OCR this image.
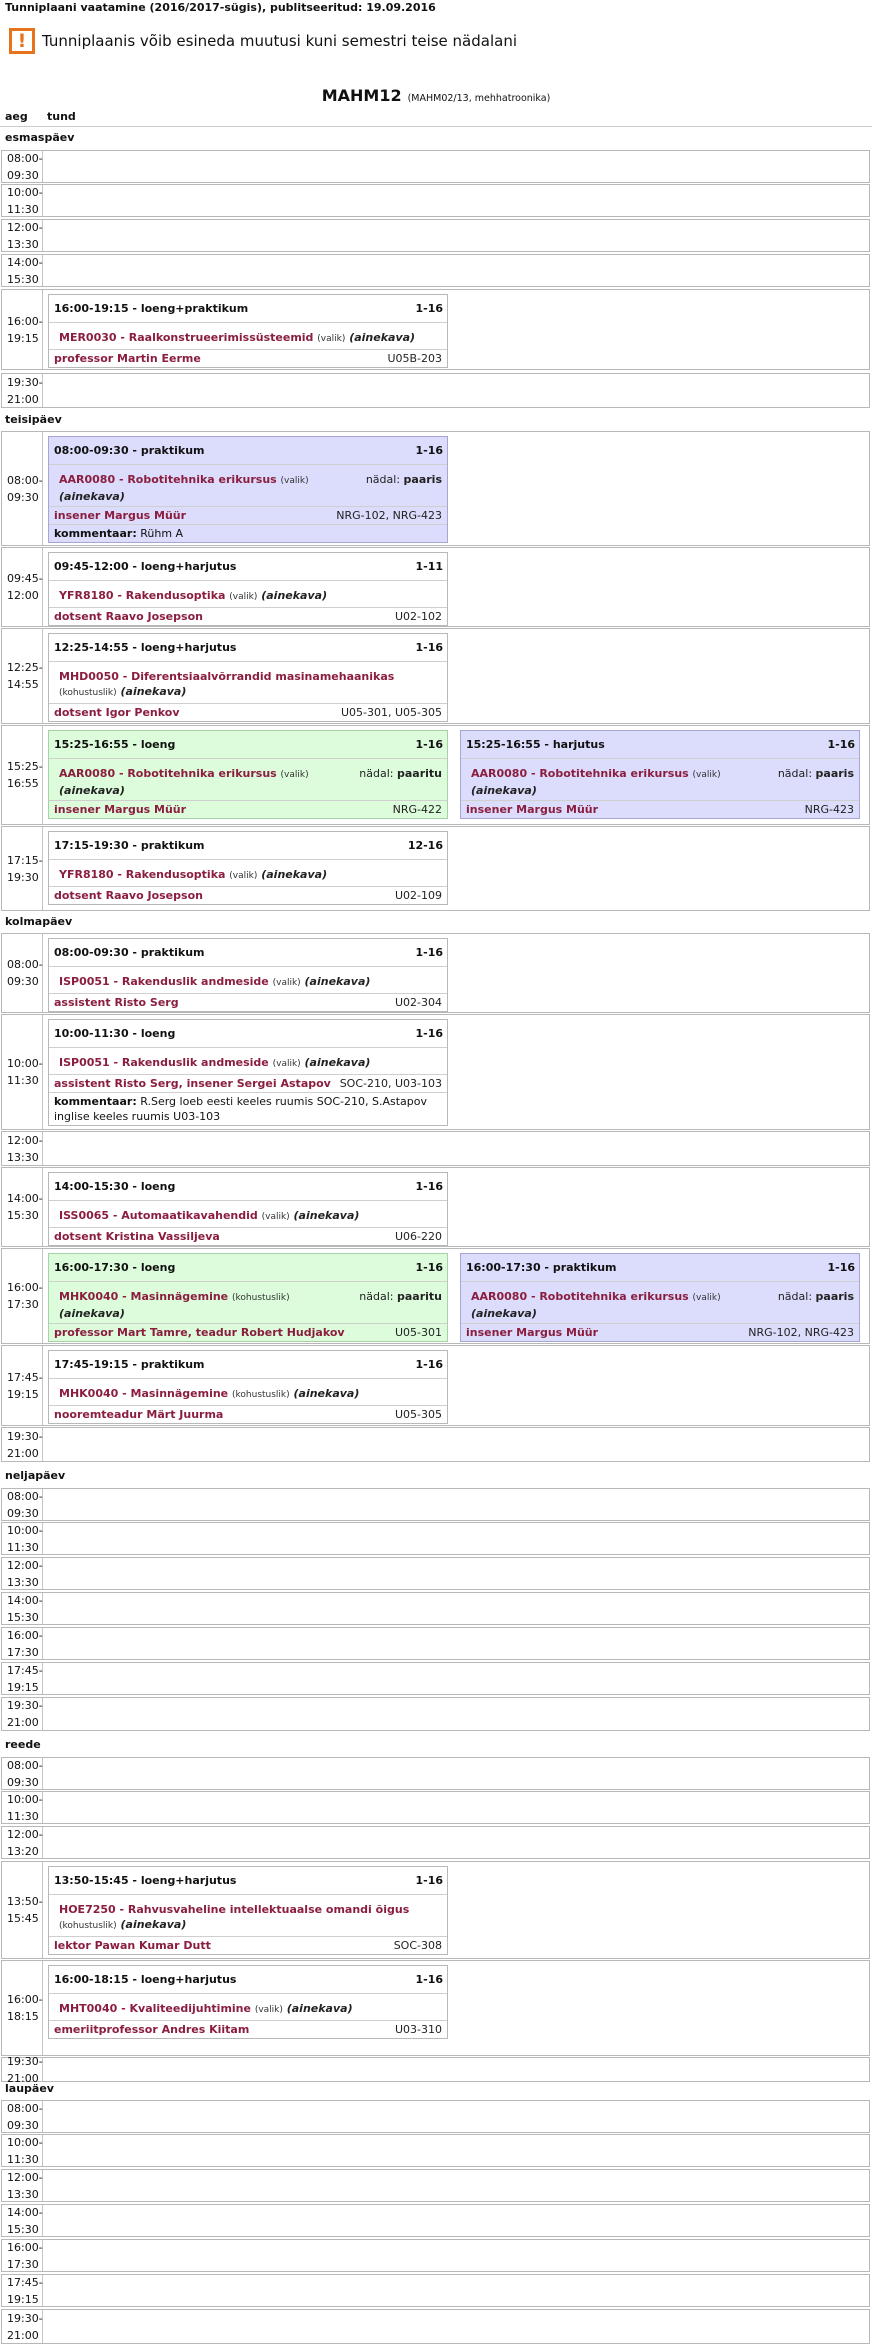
Tunniplaani vaatamine (2016/2017-sügis), publitseeritud: 19.09.2016
!	Tunniplaanis võib esineda muutusi kuni semestri teise nädalani
MAHM12 (MAHM02/13, mehhatroonika)
aeg tund
esmaspäev
08:00-
09:30
10:00-
11:30
12:00-
13:30
14:00-
15:30
16:00-
19:15
16:00-19:15 - loeng+praktikum	1-16
MER0030 - Raalkonstrueerimissüsteemid (valik) (ainekava)
professor Martin Eerme	U05B-203
19:30-
21:00
teisipäev
08:00-
09:30
08:00-09:30 - praktikum	1-16
AAR0080 - Robotitehnika erikursus (valik) (ainekava)
nädal: paaris
insener Margus Müür	NRG-102, NRG-423
kommentaar: Rühm A
09:45-
12:00
09:45-12:00 - loeng+harjutus	1-11
YFR8180 - Rakendusoptika (valik) (ainekava)
dotsent Raavo Josepson	U02-102
12:25-
14:55
12:25-14:55 - loeng+harjutus	1-16
MHD0050 - Diferentsiaalvõrrandid masinamehaanikas (kohustuslik) (ainekava)
dotsent Igor Penkov	U05-301, U05-305
15:25-
16:55
15:25-16:55 - loeng	1-16
AAR0080 - Robotitehnika erikursus (valik) (ainekava)
nädal: paaritu
insener Margus Müür	NRG-422
15:25-16:55 - harjutus	1-16
AAR0080 - Robotitehnika erikursus (valik) (ainekava)
nädal: paaris
insener Margus Müür	NRG-423
17:15-
19:30
17:15-19:30 - praktikum	12-16
YFR8180 - Rakendusoptika (valik) (ainekava)
dotsent Raavo Josepson	U02-109
kolmapäev
08:00-
09:30
08:00-09:30 - praktikum	1-16
ISP0051 - Rakenduslik andmeside (valik) (ainekava)
assistent Risto Serg	U02-304
10:00-
11:30
10:00-11:30 - loeng	1-16
ISP0051 - Rakenduslik andmeside (valik) (ainekava)
assistent Risto Serg, insener Sergei Astapov SOC-210, U03-103
kommentaar: R.Serg loeb eesti keeles ruumis SOC-210, S.Astapov inglise keeles ruumis U03-103
12:00-
13:30
14:00-
15:30
14:00-15:30 - loeng	1-16
ISS0065 - Automaatikavahendid (valik) (ainekava)
dotsent Kristina Vassiljeva	U06-220
16:00-
17:30
16:00-17:30 - loeng	1-16
MHK0040 - Masinnägemine (kohustuslik) (ainekava)
nädal: paaritu
professor Mart Tamre, teadur Robert Hudjakov	U05-301
16:00-17:30 - praktikum	1-16
AAR0080 - Robotitehnika erikursus (valik) (ainekava)
nädal: paaris
insener Margus Müür	NRG-102, NRG-423
17:45-
19:15
17:45-19:15 - praktikum	1-16
MHK0040 - Masinnägemine (kohustuslik) (ainekava)
nooremteadur Märt Juurma	U05-305
19:30-
21:00
neljapäev
08:00-
09:30
10:00-
11:30
12:00-
13:30
14:00-
15:30
16:00-
17:30
17:45-
19:15
19:30-
21:00
reede
08:00-
09:30
10:00-
11:30
12:00-
13:20
13:50-
15:45
13:50-15:45 - loeng+harjutus	1-16
HOE7250 - Rahvusvaheline intellektuaalse omandi õigus (kohustuslik) (ainekava)
lektor Pawan Kumar Dutt	SOC-308
16:00-
18:15
16:00-18:15 - loeng+harjutus	1-16
MHT0040 - Kvaliteedijuhtimine (valik) (ainekava)
emeriitprofessor Andres Kiitam	U03-310
19:30-
21:00
laupäev
08:00-
09:30
10:00-
11:30
12:00-
13:30
14:00-
15:30
16:00-
17:30
17:45-
19:15
19:30-
21:00
